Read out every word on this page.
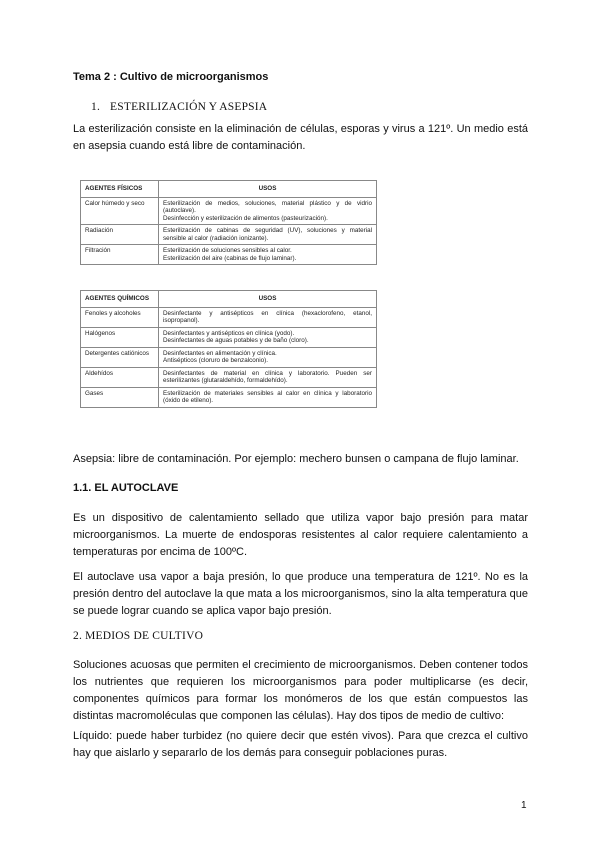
Tema 2 : Cultivo de microorganismos
1. ESTERILIZACIÓN Y ASEPSIA

La esterilización consiste en la eliminación de células, esporas y virus a 121º. Un medio está en asepsia cuando está libre de contaminación.

AGENTES FÍSICOS	USOS
Calor húmedo y seco	Esterilización de medios, soluciones, material plástico y de vidrio (autoclave).
Desinfección y esterilización de alimentos (pasteurización).

Radiación	Esterilización de cabinas de seguridad (UV), soluciones y material sensible al calor (radiación ionizante).

Filtración	Esterilización de soluciones sensibles al calor.
Esterilización del aire (cabinas de flujo laminar).
AGENTES QUÍMICOS	USOS
Fenoles y alcoholes	Desinfectante y antisépticos en clínica (hexaclorofeno, etanol, isopropanol).

Halógenos	Desinfectantes y antisépticos en clínica (yodo).
Desinfectantes de aguas potables y de baño (cloro).

Detergentes catiónicos	Desinfectantes en alimentación y clínica.
Antisépticos (cloruro de benzalconio).

Aldehídos	Desinfectantes de material en clínica y laboratorio. Pueden ser esterilizantes (glutaraldehído, formaldehído).

Gases	Esterilización de materiales sensibles al calor en clínica y laboratorio (óxido de etileno).

Asepsia: libre de contaminación. Por ejemplo: mechero bunsen o campana de flujo laminar.

1.1. EL AUTOCLAVE

Es un dispositivo de calentamiento sellado que utiliza vapor bajo presión para matar microorganismos. La muerte de endosporas resistentes al calor requiere calentamiento a temperaturas por encima de 100ºC.

El autoclave usa vapor a baja presión, lo que produce una temperatura de 121º. No es la presión dentro del autoclave la que mata a los microorganismos, sino la alta temperatura que se puede lograr cuando se aplica vapor bajo presión.

2. MEDIOS DE CULTIVO

Soluciones acuosas que permiten el crecimiento de microorganismos. Deben contener todos los nutrientes que requieren los microorganismos para poder multiplicarse (es decir, componentes químicos para formar los monómeros de los que están compuestos las distintas macromoléculas que componen las células). Hay dos tipos de medio de cultivo:

Líquido: puede haber turbidez (no quiere decir que estén vivos). Para que crezca el cultivo hay que aislarlo y separarlo de los demás para conseguir poblaciones puras.

1
